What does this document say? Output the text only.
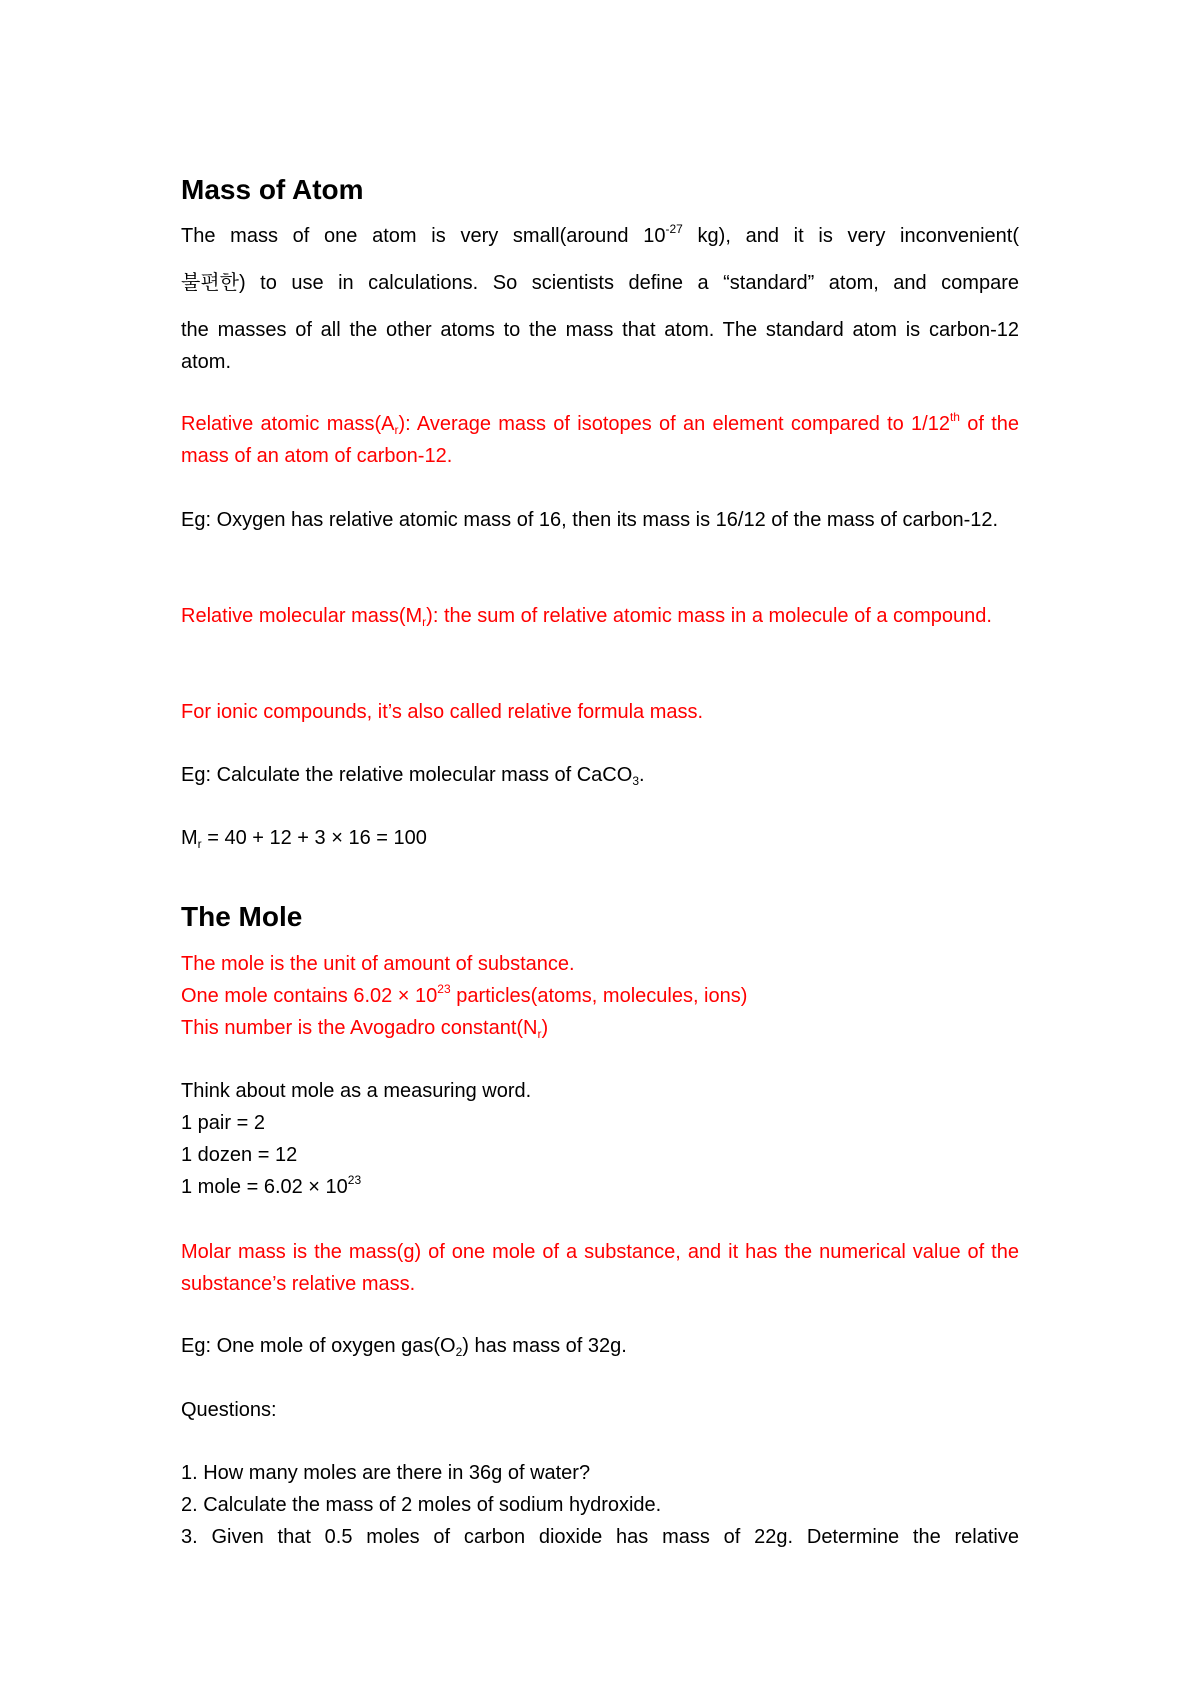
Mass of Atom
The mass of one atom is very small(around $10^{-27}$ kg), and it is very inconvenient(
불편한) to use in calculations. So scientists define a “standard” atom, and compare
the masses of all the other atoms to the mass that atom. The standard atom is carbon-12 atom.
Relative atomic $mass(A_r)$: Average mass of isotopes of an element compared to 1/12th of the mass of an atom of carbon-12.
Eg: Oxygen has relative atomic mass of 16, then its mass is 16/12 of the mass of carbon-12.
Relative molecular $mass(M_r)$: the sum of relative atomic mass in a molecule of a compound.
For ionic compounds, it’s also called relative formula mass.
Eg: Calculate the relative molecular mass of CaCO$_3$.
$M_r = 40 + 12 + 3 \times 16 = 100$
The Mole
The mole is the unit of amount of substance.
One mole contains $6.02 \times 10^{23}$ particles(atoms, molecules, ions)
This number is the Avogadro $constant(N_r)$
Think about mole as a measuring word.
1 pair = 2
1 dozen = 12
1 mole = $6.02 \times 10^{23}$
Molar mass is the mass(g) of one mole of a substance, and it has the numerical value of the substance’s relative mass.
Eg: One mole of oxygen $gas(O_2)$ has mass of 32g.
Questions:
1. How many moles are there in 36g of water?
2. Calculate the mass of 2 moles of sodium hydroxide.
3. Given that 0.5 moles of carbon dioxide has mass of 22g. Determine the relative
